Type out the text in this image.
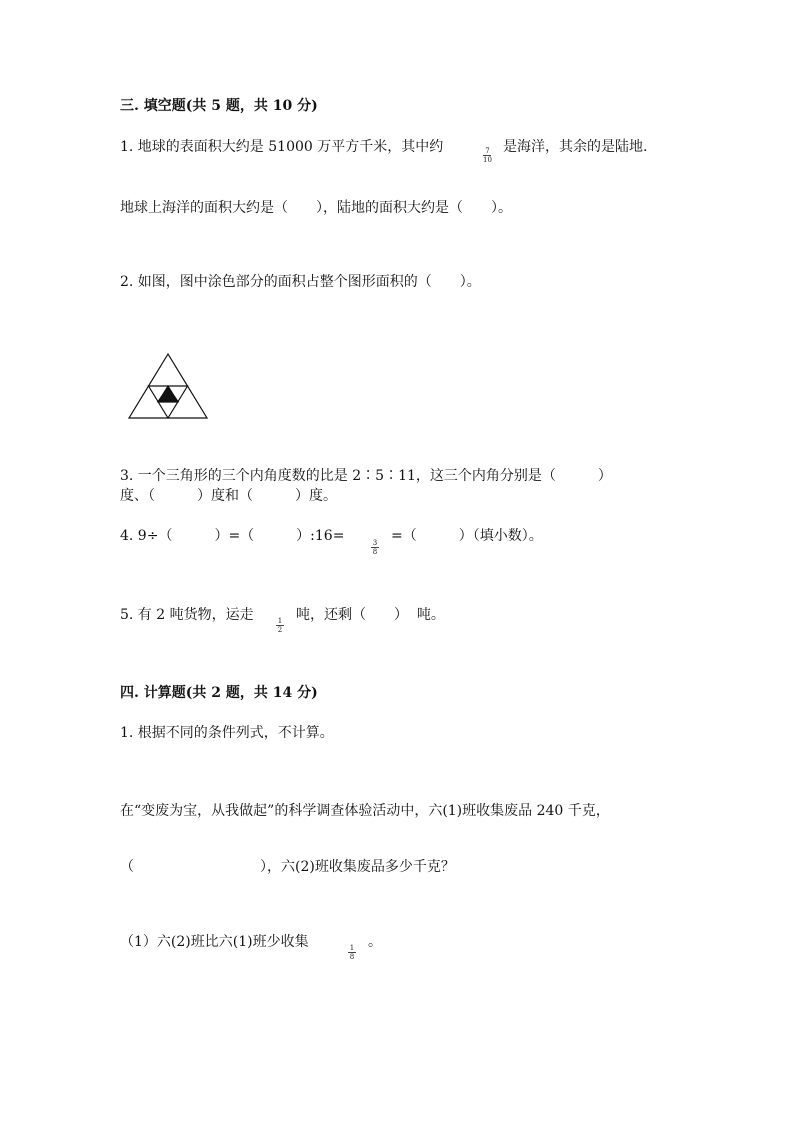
三. 填空题(共 5 题，共 10 分)
1. 地球的表面积大约是 51000 万平方千米，其中约	7
10
是海洋，其余的是陆地.
地球上海洋的面积大约是（　　），陆地的面积大约是（　　）。
2. 如图，图中涂色部分的面积占整个图形面积的（　　）。
3. 一个三角形的三个内角度数的比是 2∶5∶11，这三个内角分别是（　　　）
度、（　　　）度和（　　　）度。
4. 9÷（　　　）=（　　　）:16=	3
8
=（　　　）（填小数）。
5. 有 2 吨货物，运走	1
2
吨，还剩（　　）  吨。
四. 计算题(共 2 题，共 14 分)
1. 根据不同的条件列式，不计算。
在“变废为宝，从我做起”的科学调查体验活动中，六(1)班收集废品 240 千克，
（　　　　　　　　　），六(2)班收集废品多少千克？
（1）六(2)班比六(1)班少收集	1
8
。
